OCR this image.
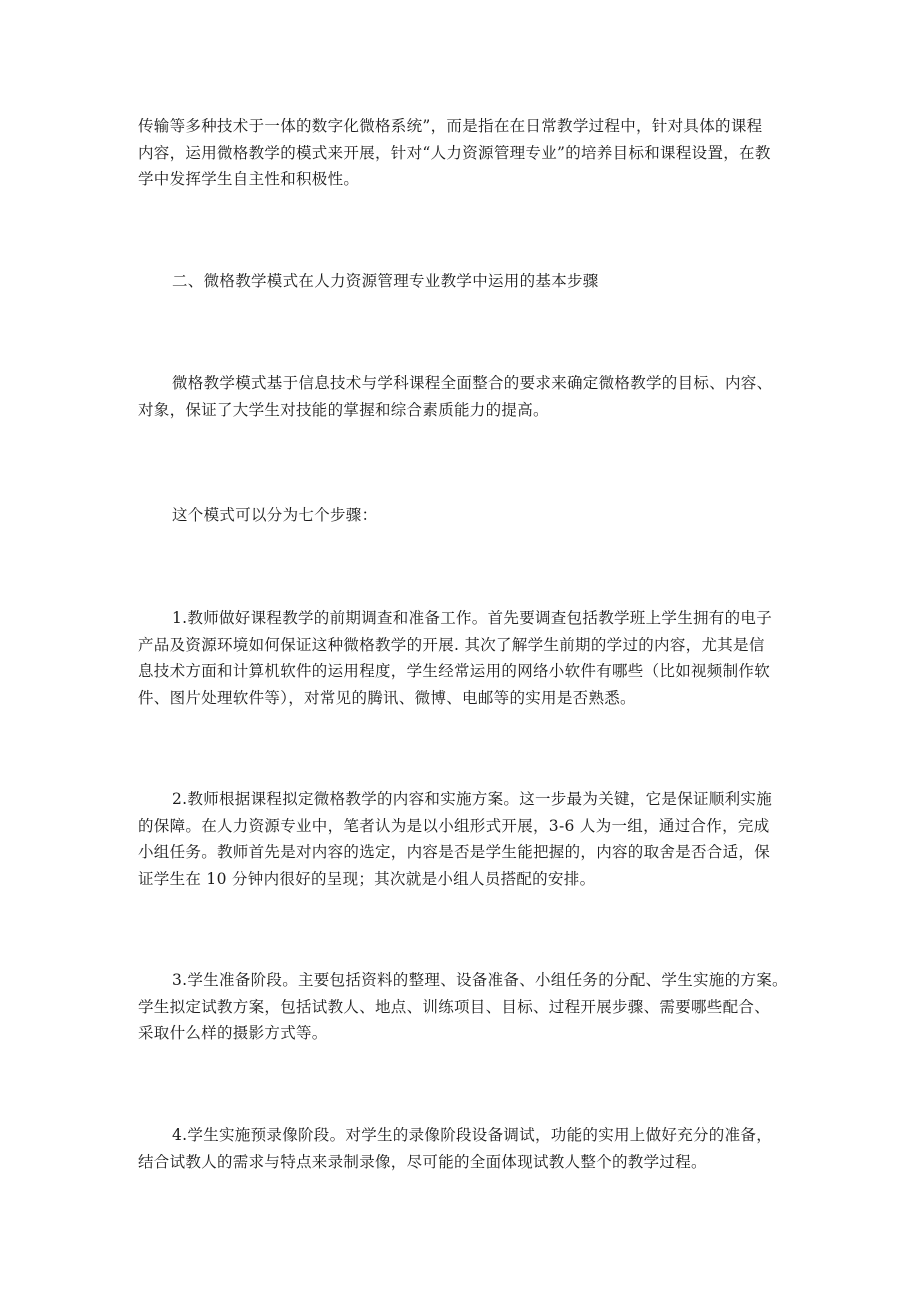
传输等多种技术于一体的数字化微格系统”，而是指在在日常教学过程中，针对具体的课程
内容，运用微格教学的模式来开展，针对“人力资源管理专业”的培养目标和课程设置，在教
学中发挥学生自主性和积极性。

二、微格教学模式在人力资源管理专业教学中运用的基本步骤

微格教学模式基于信息技术与学科课程全面整合的要求来确定微格教学的目标、内容、
对象，保证了大学生对技能的掌握和综合素质能力的提高。

这个模式可以分为七个步骤：

1.教师做好课程教学的前期调查和准备工作。首先要调查包括教学班上学生拥有的电子
产品及资源环境如何保证这种微格教学的开展. 其次了解学生前期的学过的内容，尤其是信
息技术方面和计算机软件的运用程度，学生经常运用的网络小软件有哪些（比如视频制作软
件、图片处理软件等），对常见的腾讯、微博、电邮等的实用是否熟悉。

2.教师根据课程拟定微格教学的内容和实施方案。这一步最为关键，它是保证顺利实施
的保障。在人力资源专业中，笔者认为是以小组形式开展，3-6 人为一组，通过合作，完成
小组任务。教师首先是对内容的选定，内容是否是学生能把握的，内容的取舍是否合适，保
证学生在 10 分钟内很好的呈现；其次就是小组人员搭配的安排。

3.学生准备阶段。主要包括资料的整理、设备准备、小组任务的分配、学生实施的方案。
学生拟定试教方案，包括试教人、地点、训练项目、目标、过程开展步骤、需要哪些配合、
采取什么样的摄影方式等。

4.学生实施预录像阶段。对学生的录像阶段设备调试，功能的实用上做好充分的准备，
结合试教人的需求与特点来录制录像，尽可能的全面体现试教人整个的教学过程。
